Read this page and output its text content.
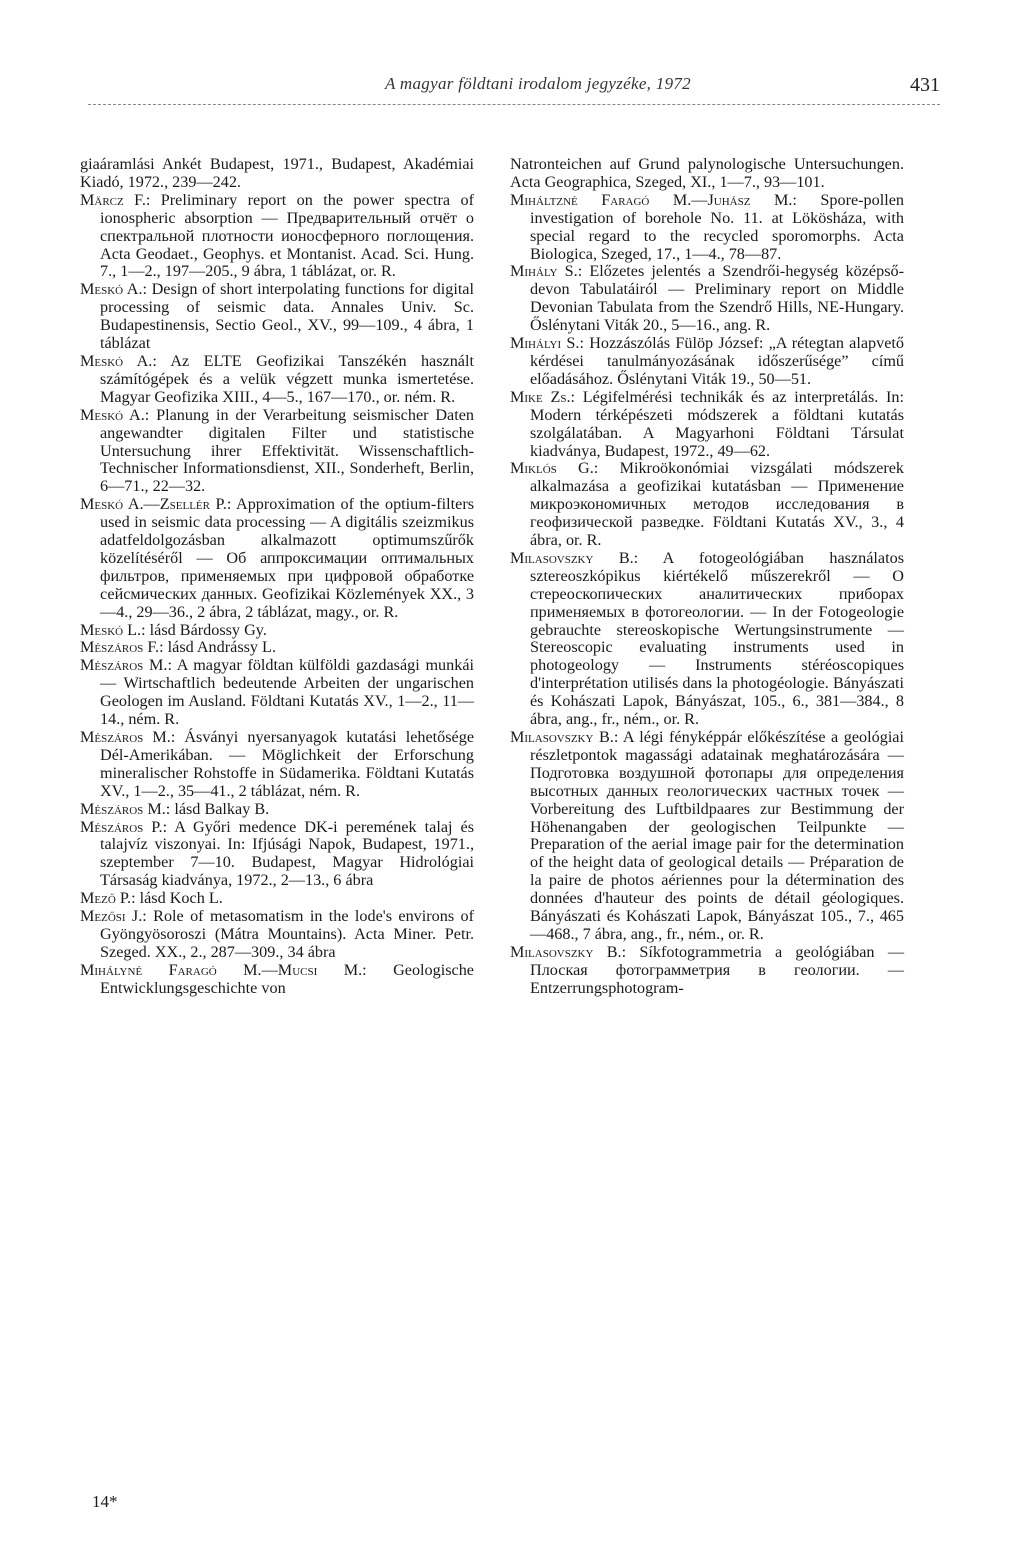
A magyar földtani irodalom jegyzéke, 1972	431

giaáramlási Ankét Budapest, 1971., Budapest, Akadémiai Kiadó, 1972., 239—242.

Märcz F.: Preliminary report on the power spectra of ionospheric absorption — Предварительный отчёт о спектральной плотности ионосферного поглощения. Acta Geodaet., Geophys. et Montanist. Acad. Sci. Hung. 7., 1—2., 197—205., 9 ábra, 1 táblázat, or. R.

Meskó A.: Design of short interpolating functions for digital processing of seismic data. Annales Univ. Sc. Budapestinensis, Sectio Geol., XV., 99—109., 4 ábra, 1 táblázat

Meskó A.: Az ELTE Geofizikai Tanszékén használt számítógépek és a velük végzett munka ismertetése. Magyar Geofizika XIII., 4—5., 167—170., or. ném. R.

Meskó A.: Planung in der Verarbeitung seismischer Daten angewandter digitalen Filter und statistische Untersuchung ihrer Effektivität. Wissenschaftlich-Technischer Informationsdienst, XII., Sonderheft, Berlin, 6—71., 22—32.

Meskó A.—Zsellér P.: Approximation of the optium-filters used in seismic data processing — A digitális szeizmikus adatfeldolgozásban alkalmazott optimumszűrők közelítéséről — Об аппроксимации оптимальных фильтров, применяемых при цифровой обработке сейсмических данных. Geofizikai Közlemények XX., 3—4., 29—36., 2 ábra, 2 táblázat, magy., or. R.

Meskó L.: lásd Bárdossy Gy.

Mészáros F.: lásd Andrássy L.

Mészáros M.: A magyar földtan külföldi gazdasági munkái — Wirtschaftlich bedeutende Arbeiten der ungarischen Geologen im Ausland. Földtani Kutatás XV., 1—2., 11—14., ném. R.

Mészáros M.: Ásványi nyersanyagok kutatási lehetősége Dél-Amerikában. — Möglichkeit der Erforschung mineralischer Rohstoffe in Südamerika. Földtani Kutatás XV., 1—2., 35—41., 2 táblázat, ném. R.

Mészáros M.: lásd Balkay B.

Mészáros P.: A Győri medence DK-i peremének talaj és talajvíz viszonyai. In: Ifjúsági Napok, Budapest, 1971., szeptember 7—10. Budapest, Magyar Hidrológiai Társaság kiadványa, 1972., 2—13., 6 ábra

Mező P.: lásd Koch L.

Mezősi J.: Role of metasomatism in the lode's environs of Gyöngyösoroszi (Mátra Mountains). Acta Miner. Petr. Szeged. XX., 2., 287—309., 34 ábra

Mihályné Faragó M.—Mucsi M.: Geologische Entwicklungsgeschichte von

Natronteichen auf Grund palynologische Untersuchungen. Acta Geographica, Szeged, XI., 1—7., 93—101.

Miháltzné Faragó M.—Juhász M.: Spore-pollen investigation of borehole No. 11. at Lökösháza, with special regard to the recycled sporomorphs. Acta Biologica, Szeged, 17., 1—4., 78—87.

Mihály S.: Előzetes jelentés a Szendrői-hegység középső-devon Tabulatáiról — Preliminary report on Middle Devonian Tabulata from the Szendrő Hills, NE-Hungary. Őslénytani Viták 20., 5—16., ang. R.

Mihályi S.: Hozzászólás Fülöp József: „A rétegtan alapvető kérdései tanulmányozásának időszerűsége” című előadásához. Őslénytani Viták 19., 50—51.

Mike Zs.: Légifelmérési technikák és az interpretálás. In: Modern térképészeti módszerek a földtani kutatás szolgálatában. A Magyarhoni Földtani Társulat kiadványa, Budapest, 1972., 49—62.

Miklós G.: Mikroökonómiai vizsgálati módszerek alkalmazása a geofizikai kutatásban — Применение микроэкономичных методов исследования в геофизической разведке. Földtani Kutatás XV., 3., 4 ábra, or. R.

Milasovszky B.: A fotogeológiában használatos sztereoszkópikus kiértékelő műszerekről — О стереоскопических аналитических приборах применяемых в фотогеологии. — In der Fotogeologie gebrauchte stereoskopische Wertungsinstrumente — Stereoscopic evaluating instruments used in photogeology — Instruments stéréoscopiques d'interprétation utilisés dans la photogéologie. Bányászati és Kohászati Lapok, Bányászat, 105., 6., 381—384., 8 ábra, ang., fr., ném., or. R.

Milasovszky B.: A légi fényképpár előkészítése a geológiai részletpontok magassági adatainak meghatározására — Подготовка воздушной фотопары для определения высотных данных геологических частных точек — Vorbereitung des Luftbildpaares zur Bestimmung der Höhenangaben der geologischen Teilpunkte — Preparation of the aerial image pair for the determination of the height data of geological details — Préparation de la paire de photos aériennes pour la détermination des données d'hauteur des points de détail géologiques. Bányászati és Kohászati Lapok, Bányászat 105., 7., 465—468., 7 ábra, ang., fr., ném., or. R.

Milasovszky B.: Síkfotogrammetria a geológiában — Плоская фотограмметрия в геологии. — Entzerrungsphotogram-

14*
